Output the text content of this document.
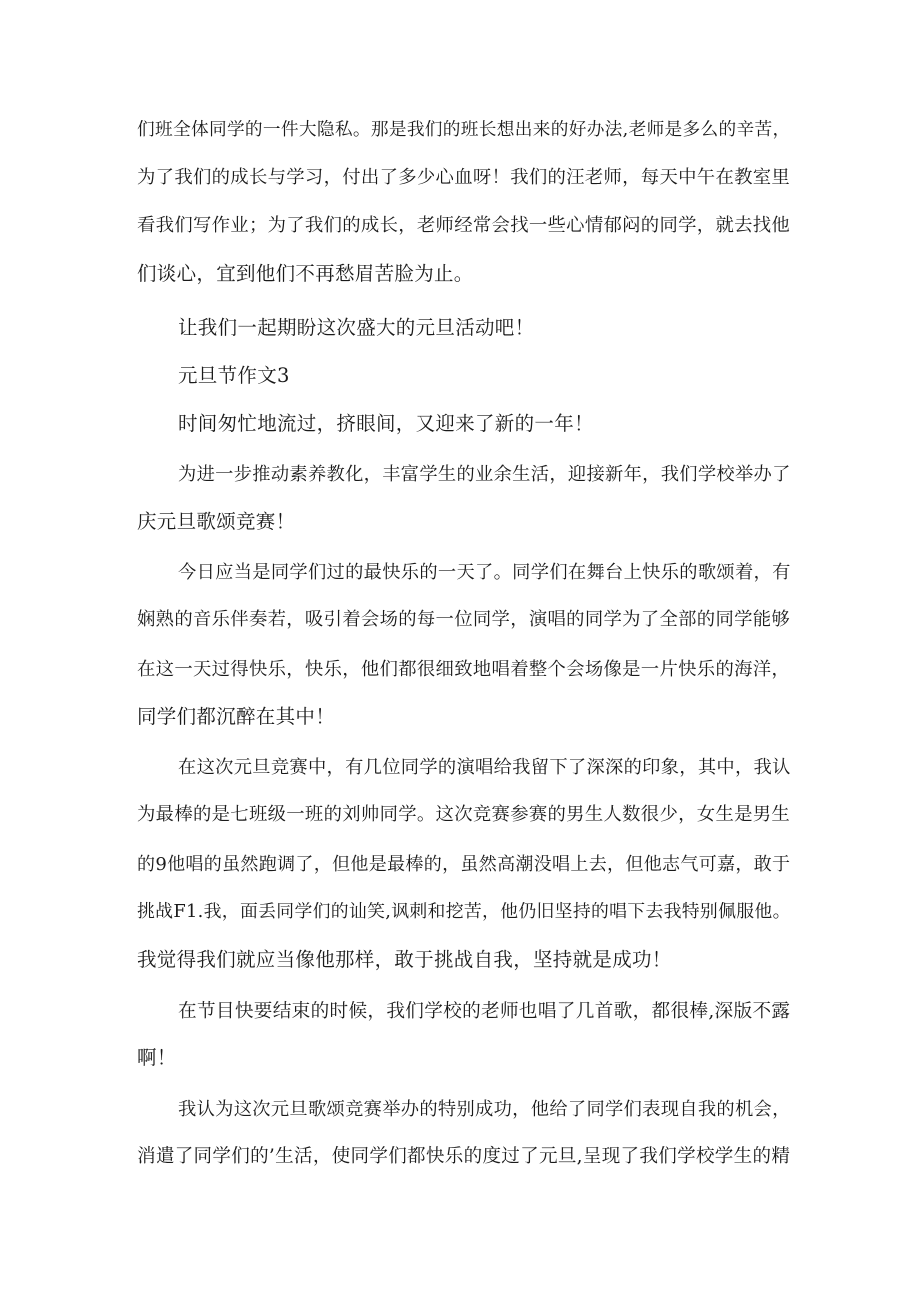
们班全体同学的一件大隐私。那是我们的班长想出来的好办法,老师是多么的辛苦，
为了我们的成长与学习，付出了多少心血呀！我们的汪老师，每天中午在教室里
看我们写作业；为了我们的成长，老师经常会找一些心情郁闷的同学，就去找他
们谈心，宜到他们不再愁眉苦脸为止。
让我们一起期盼这次盛大的元旦活动吧！
元旦节作文3
时间匆忙地流过，挤眼间，又迎来了新的一年！
为进一步推动素养教化，丰富学生的业余生活，迎接新年，我们学校举办了
庆元旦歌颂竞赛！
今日应当是同学们过的最快乐的一天了。同学们在舞台上快乐的歌颂着，有
娴熟的音乐伴奏若，吸引着会场的每一位同学，演唱的同学为了全部的同学能够
在这一天过得快乐，快乐，他们都很细致地唱着整个会场像是一片快乐的海洋，
同学们都沉醉在其中！
在这次元旦竞赛中，有几位同学的演唱给我留下了深深的印象，其中，我认
为最棒的是七班级一班的刘帅同学。这次竞赛参赛的男生人数很少，女生是男生
的9他唱的虽然跑调了，但他是最棒的，虽然高潮没唱上去，但他志气可嘉，敢于
挑战F1.我，面丢同学们的讪笑,讽刺和挖苦，他仍旧坚持的唱下去我特别佩服他。
我觉得我们就应当像他那样，敢于挑战自我，坚持就是成功！
在节目快要结束的时候，我们学校的老师也唱了几首歌，都很棒,深版不露
啊！
我认为这次元旦歌颂竞赛举办的特别成功，他给了同学们表现自我的机会，
消遣了同学们的’生活，使同学们都快乐的度过了元旦,呈现了我们学校学生的精
